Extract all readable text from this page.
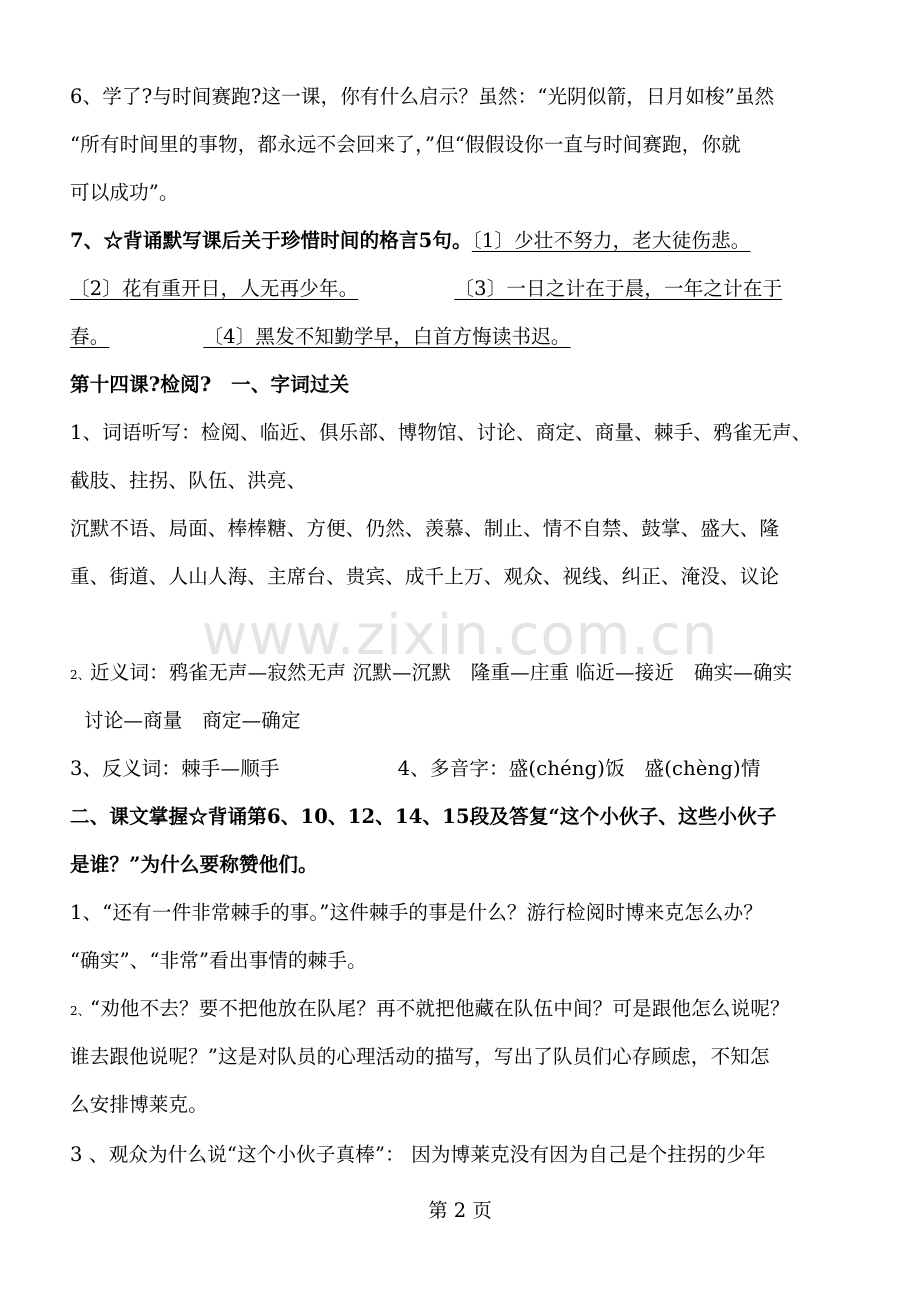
6、学了?与时间赛跑?这一课，你有什么启示？虽然：“光阴似箭，日月如梭”虽然
“所有时间里的事物，都永远不会回来了，”但“假假设你一直与时间赛跑，你就
可以成功”。
7、☆背诵默写课后关于珍惜时间的格言5句。〔1〕少壮不努力，老大徒伤悲。
〔2〕花有重开日，人无再少年。	〔3〕一日之计在于晨，一年之计在于
春。	〔4〕黑发不知勤学早，白首方悔读书迟。
第十四课?检阅?　一、字词过关
1、词语听写：检阅、临近、俱乐部、博物馆、讨论、商定、商量、棘手、鸦雀无声、
截肢、拄拐、队伍、洪亮、
沉默不语、局面、棒棒糖、方便、仍然、羡慕、制止、情不自禁、鼓掌、盛大、隆
重、街道、人山人海、主席台、贵宾、成千上万、观众、视线、纠正、淹没、议论
www.zixin.com.cn
2、近义词：鸦雀无声—寂然无声 沉默—沉默　隆重—庄重 临近—接近　确实—确实
讨论—商量　商定—确定
3、反义词：棘手—顺手	4、多音字：盛(chéng)饭　盛(chèng)情
二、课文掌握☆背诵第6、10、12、14、15段及答复“这个小伙子、这些小伙子
是谁？”为什么要称赞他们。
1、“还有一件非常棘手的事。”这件棘手的事是什么？游行检阅时博来克怎么办？
“确实”、“非常”看出事情的棘手。
2、“劝他不去？要不把他放在队尾？再不就把他藏在队伍中间？可是跟他怎么说呢？
谁去跟他说呢？”这是对队员的心理活动的描写，写出了队员们心存顾虑，不知怎
么安排博莱克。
3 、观众为什么说“这个小伙子真棒”： 因为博莱克没有因为自己是个拄拐的少年
第 2 页
